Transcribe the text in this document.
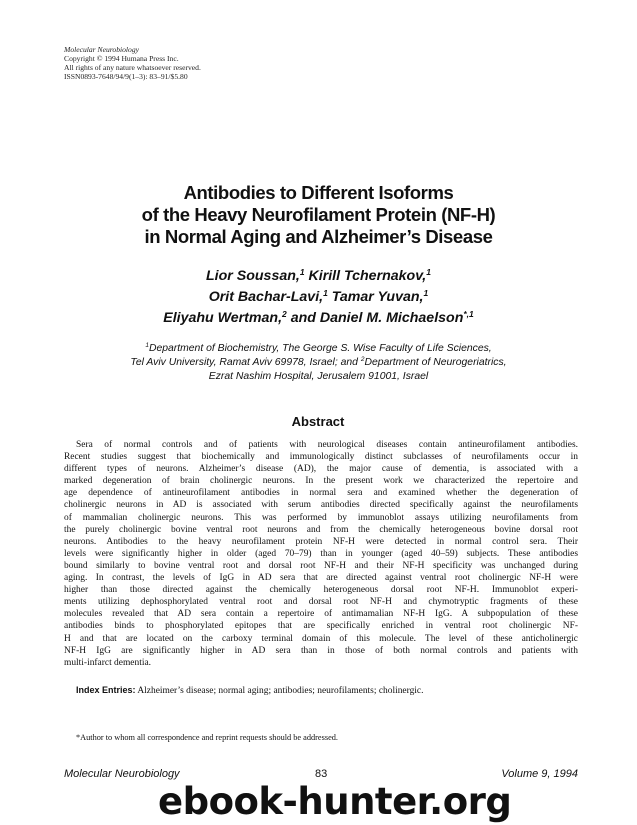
Molecular Neurobiology
Copyright © 1994 Humana Press Inc.
All rights of any nature whatsoever reserved.
ISSN0893-7648/94/9(1–3): 83–91/$5.80
Antibodies to Different Isoforms
of the Heavy Neurofilament Protein (NF-H)
in Normal Aging and Alzheimer’s Disease
Lior Soussan,$^1$ Kirill Tchernakov,$^1$
Orit Bachar-Lavi,$^1$ Tamar Yuvan,$^1$
Eliyahu Wertman,$^2$ and Daniel M. Michaelson$^{*,1}$
$^1$Department of Biochemistry, The George S. Wise Faculty of Life Sciences,
Tel Aviv University, Ramat Aviv 69978, Israel; and $^2$Department of Neurogeriatrics,
Ezrat Nashim Hospital, Jerusalem 91001, Israel
Abstract
Sera of normal controls and of patients with neurological diseases contain antineurofilament antibodies.
Recent studies suggest that biochemically and immunologically distinct subclasses of neurofilaments occur in
different types of neurons. Alzheimer’s disease (AD), the major cause of dementia, is associated with a
marked degeneration of brain cholinergic neurons. In the present work we characterized the repertoire and
age dependence of antineurofilament antibodies in normal sera and examined whether the degeneration of
cholinergic neurons in AD is associated with serum antibodies directed specifically against the neurofilaments
of mammalian cholinergic neurons. This was performed by immunoblot assays utilizing neurofilaments from
the purely cholinergic bovine ventral root neurons and from the chemically heterogeneous bovine dorsal root
neurons. Antibodies to the heavy neurofilament protein NF-H were detected in normal control sera. Their
levels were significantly higher in older (aged 70–79) than in younger (aged 40–59) subjects. These antibodies
bound similarly to bovine ventral root and dorsal root NF-H and their NF-H specificity was unchanged during
aging. In contrast, the levels of IgG in AD sera that are directed against ventral root cholinergic NF-H were
higher than those directed against the chemically heterogeneous dorsal root NF-H. Immunoblot experi-
ments utilizing dephosphorylated ventral root and dorsal root NF-H and chymotryptic fragments of these
molecules revealed that AD sera contain a repertoire of antimamalian NF-H IgG. A subpopulation of these
antibodies binds to phosphorylated epitopes that are specifically enriched in ventral root cholinergic NF-
H and that are located on the carboxy terminal domain of this molecule. The level of these anticholinergic
NF-H IgG are significantly higher in AD sera than in those of both normal controls and patients with
multi-infarct dementia.
Index Entries: Alzheimer’s disease; normal aging; antibodies; neurofilaments; cholinergic.
*Author to whom all correspondence and reprint requests should be addressed.
Molecular Neurobiology	83	Volume 9, 1994
ebook-hunter.org
